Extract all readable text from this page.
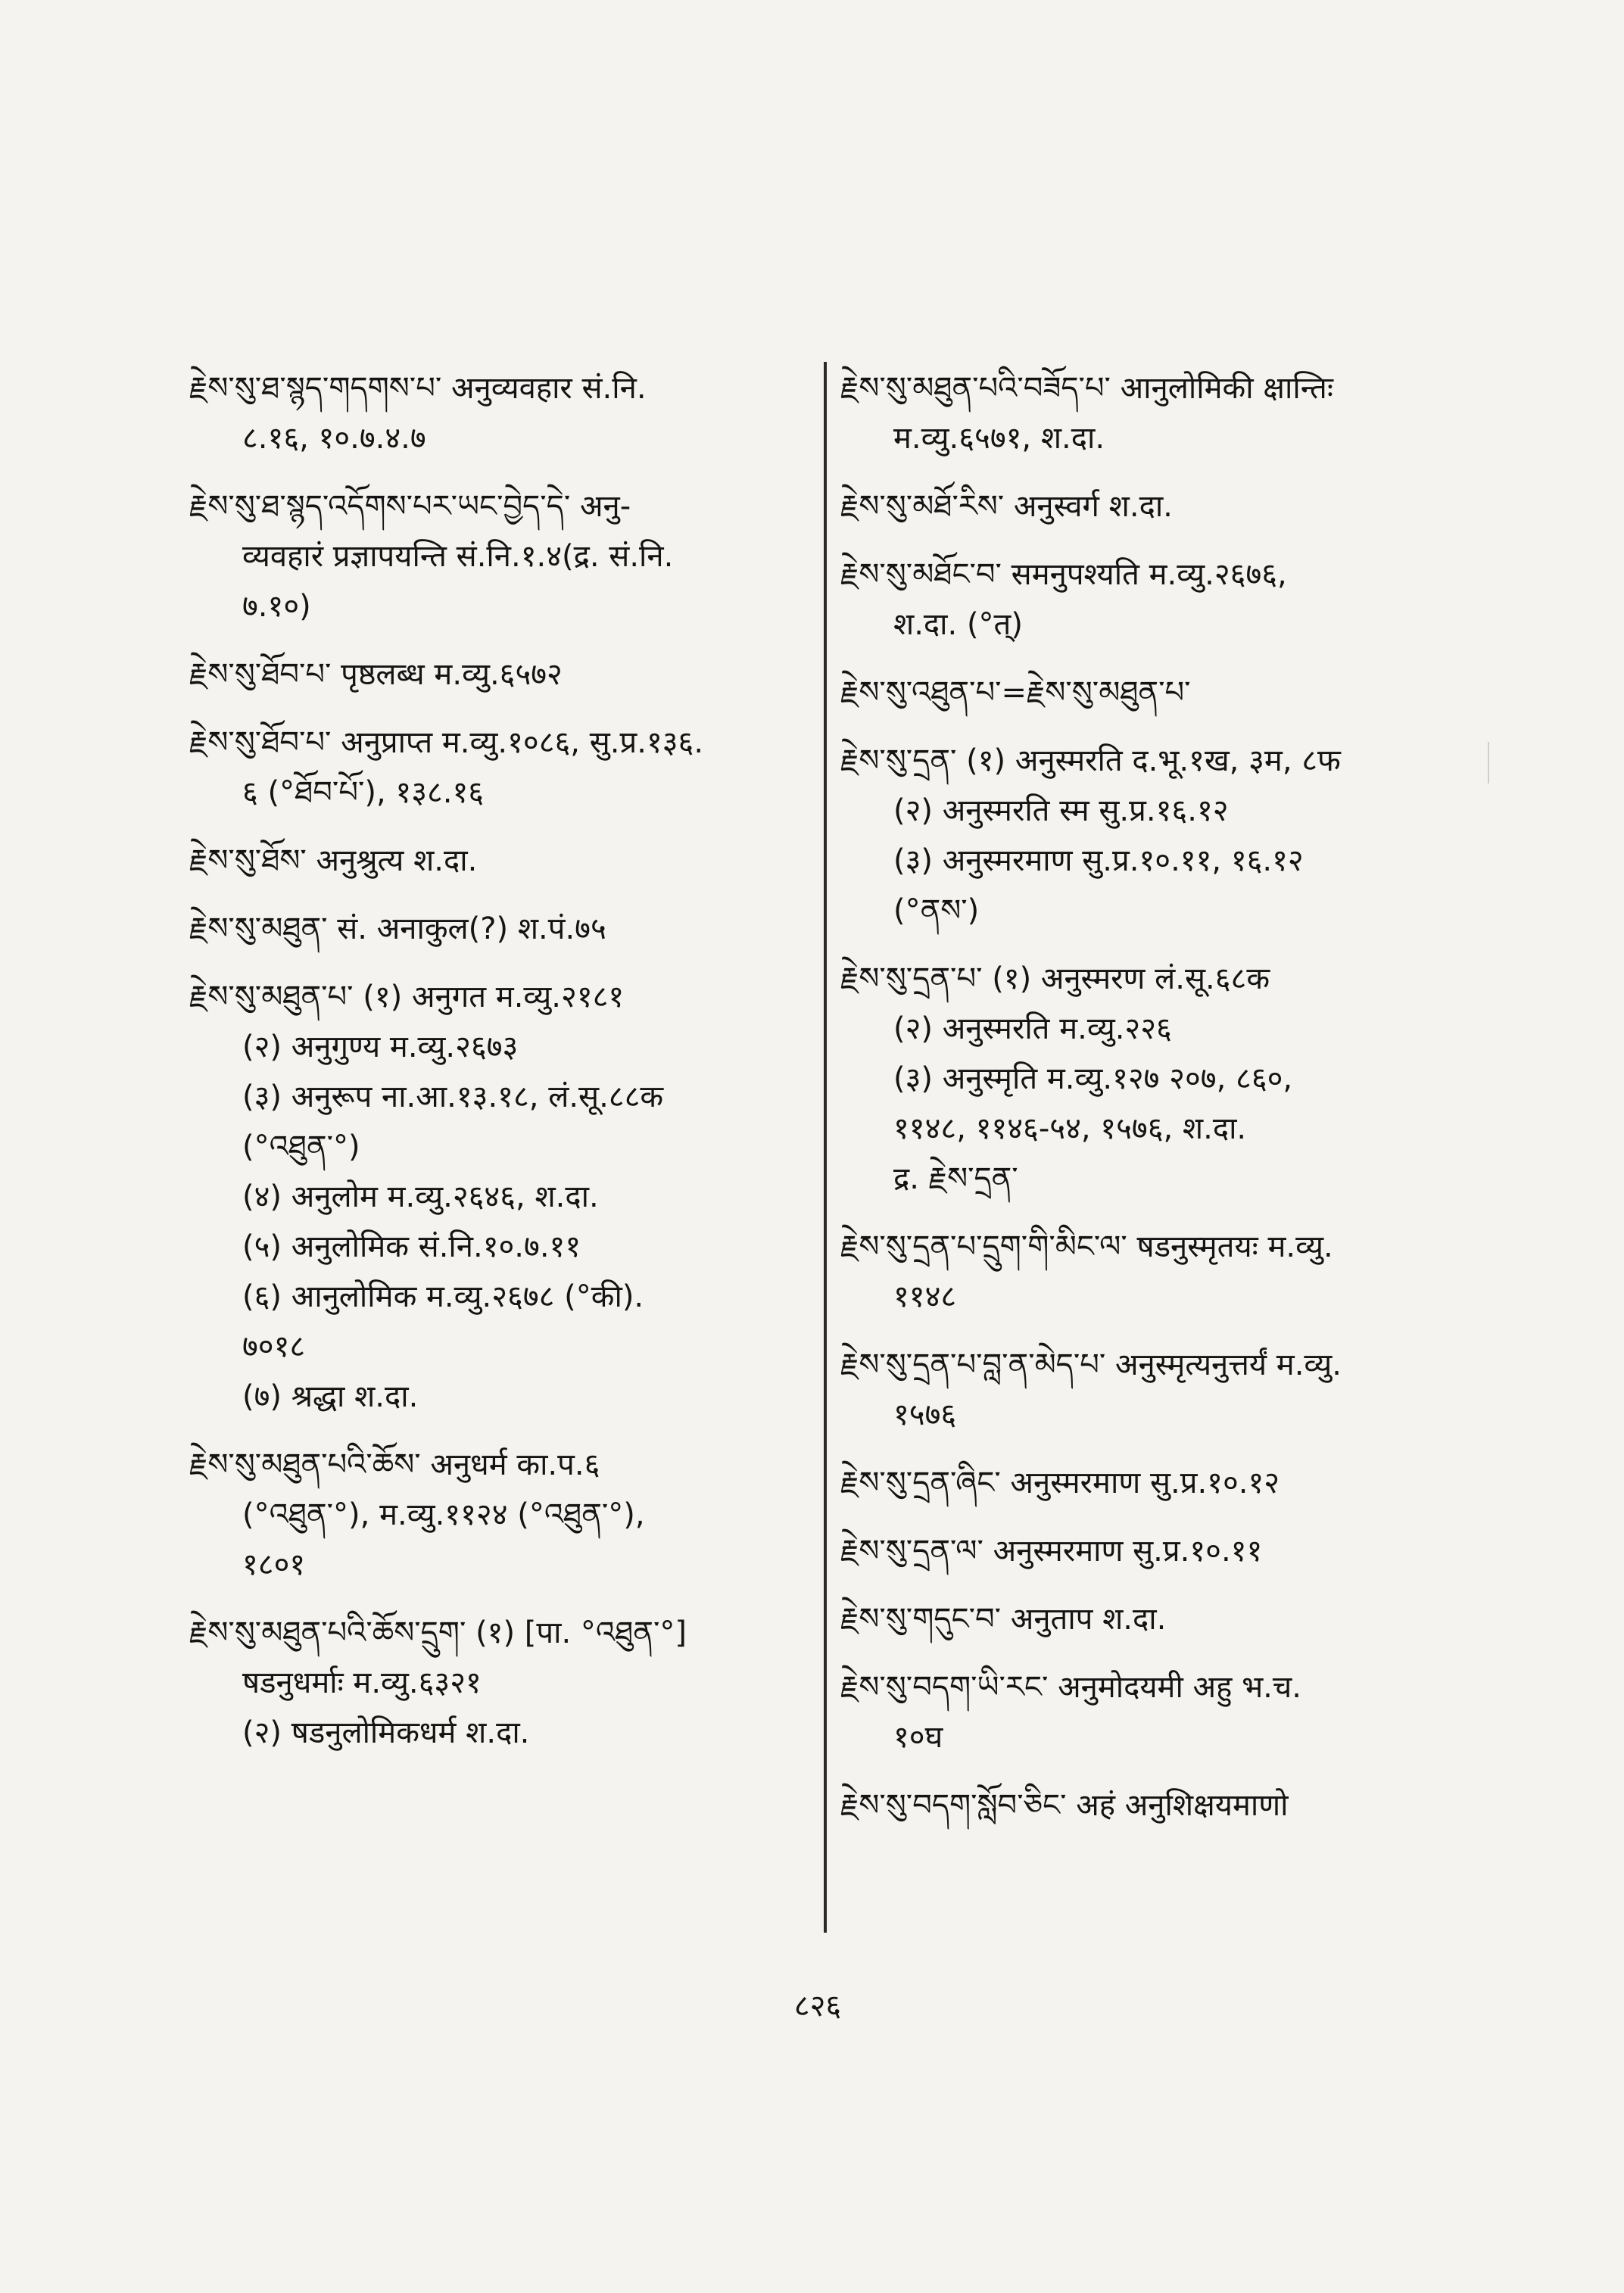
རྗེས་སུ་ཐ་སྙད་གདགས་པ་ अनुव्यवहार सं.नि.
८.१६, १०.७.४.७
རྗེས་སུ་ཐ་སྙད་འདོགས་པར་ཡང་བྱེད་དེ་ अनु-
व्यवहारं प्रज्ञापयन्ति सं.नि.१.४(द्र. सं.नि.
७.१०)
རྗེས་སུ་ཐོབ་པ་ पृष्ठलब्ध म.व्यु.६५७२
རྗེས་སུ་ཐོབ་པ་ अनुप्राप्त म.व्यु.१०८६, सु.प्र.१३६.
६ (°ཐོབ་པོ་), १३८.१६
རྗེས་སུ་ཐོས་ अनुश्रुत्य श.दा.
རྗེས་སུ་མཐུན་ सं. अनाकुल(?) श.पं.७५
རྗེས་སུ་མཐུན་པ་ (१) अनुगत म.व्यु.२१८१
(२) अनुगुण्य म.व्यु.२६७३
(३) अनुरूप ना.आ.१३.१८, लं.सू.८८क
(°འཐུན་°)
(४) अनुलोम म.व्यु.२६४६, श.दा.
(५) अनुलोमिक सं.नि.१०.७.११
(६) आनुलोमिक म.व्यु.२६७८ (°की).
७०१८
(७) श्रद्धा श.दा.
རྗེས་སུ་མཐུན་པའི་ཆོས་ अनुधर्म का.प.६
(°འཐུན་°), म.व्यु.११२४ (°འཐུན་°),
१८०१
རྗེས་སུ་མཐུན་པའི་ཆོས་དྲུག་ (१) [पा. °འཐུན་°]
षडनुधर्माः म.व्यु.६३२१
(२) षडनुलोमिकधर्म श.दा.
རྗེས་སུ་མཐུན་པའི་བཟོད་པ་ आनुलोमिकी क्षान्तिः
म.व्यु.६५७१, श.दा.
རྗེས་སུ་མཐོ་རིས་ अनुस्वर्ग श.दा.
རྗེས་སུ་མཐོང་བ་ समनुपश्यति म.व्यु.२६७६,
श.दा. (°त्)
རྗེས་སུ་འཐུན་པ་=རྗེས་སུ་མཐུན་པ་
རྗེས་སུ་དྲན་ (१) अनुस्मरति द.भू.१ख, ३म, ८फ
(२) अनुस्मरति स्म सु.प्र.१६.१२
(३) अनुस्मरमाण सु.प्र.१०.११, १६.१२
(°ནས་)
རྗེས་སུ་དྲན་པ་ (१) अनुस्मरण लं.सू.६८क
(२) अनुस्मरति म.व्यु.२२६
(३) अनुस्मृति म.व्यु.१२७ २०७, ८६०,
११४८, ११४६-५४, १५७६, श.दा.
द्र. རྗེས་དྲན་
རྗེས་སུ་དྲན་པ་དྲུག་གི་མིང་ལ་ षडनुस्मृतयः म.व्यु.
११४८
རྗེས་སུ་དྲན་པ་བླ་ན་མེད་པ་ अनुस्मृत्यनुत्तर्यं म.व्यु.
१५७६
རྗེས་སུ་དྲན་ཞིང་ अनुस्मरमाण सु.प्र.१०.१२
རྗེས་སུ་དྲན་ལ་ अनुस्मरमाण सु.प्र.१०.११
རྗེས་སུ་གདུང་བ་ अनुताप श.दा.
རྗེས་སུ་བདག་ཡི་རང་ अनुमोदयमी अहु भ.च.
१०घ
རྗེས་སུ་བདག་སློབ་ཅིང་ अहं अनुशिक्षयमाणो
८२६
